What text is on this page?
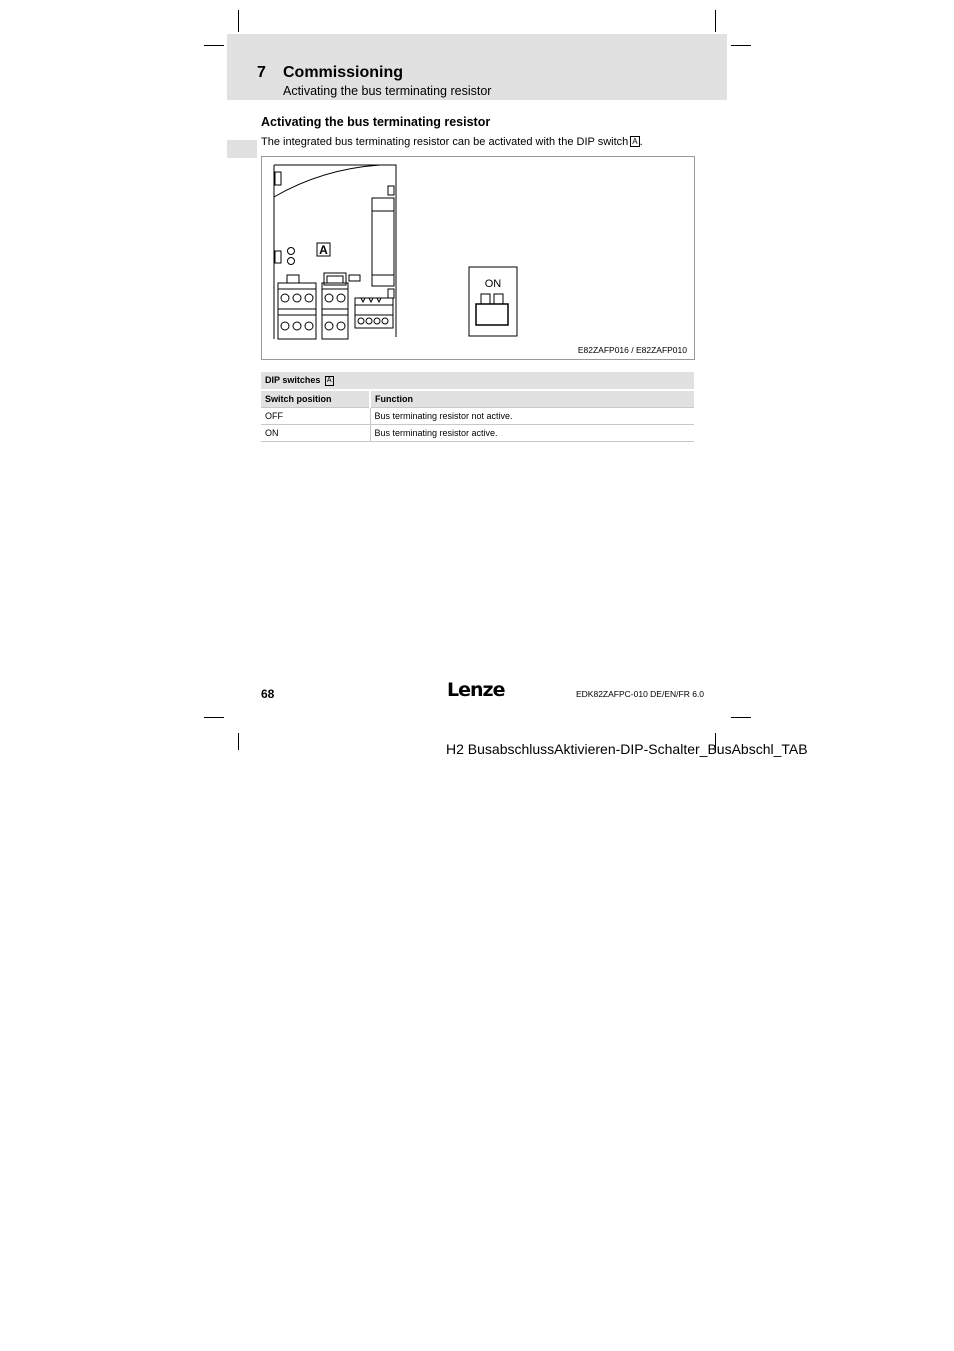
7 Commissioning
Activating the bus terminating resistor
Activating the bus terminating resistor
The integrated bus terminating resistor can be activated with the DIP switch A .
A
ON
E82ZAFP016 / E82ZAFP010
DIP switches A	
Switch position	Function
OFF	Bus terminating resistor not active.
ON	Bus terminating resistor active.
68	Lenze	EDK82ZAFPC-010 DE/EN/FR 6.0
H2 BusabschlussAktivieren-DIP-Schalter_BusAbschl_TAB
